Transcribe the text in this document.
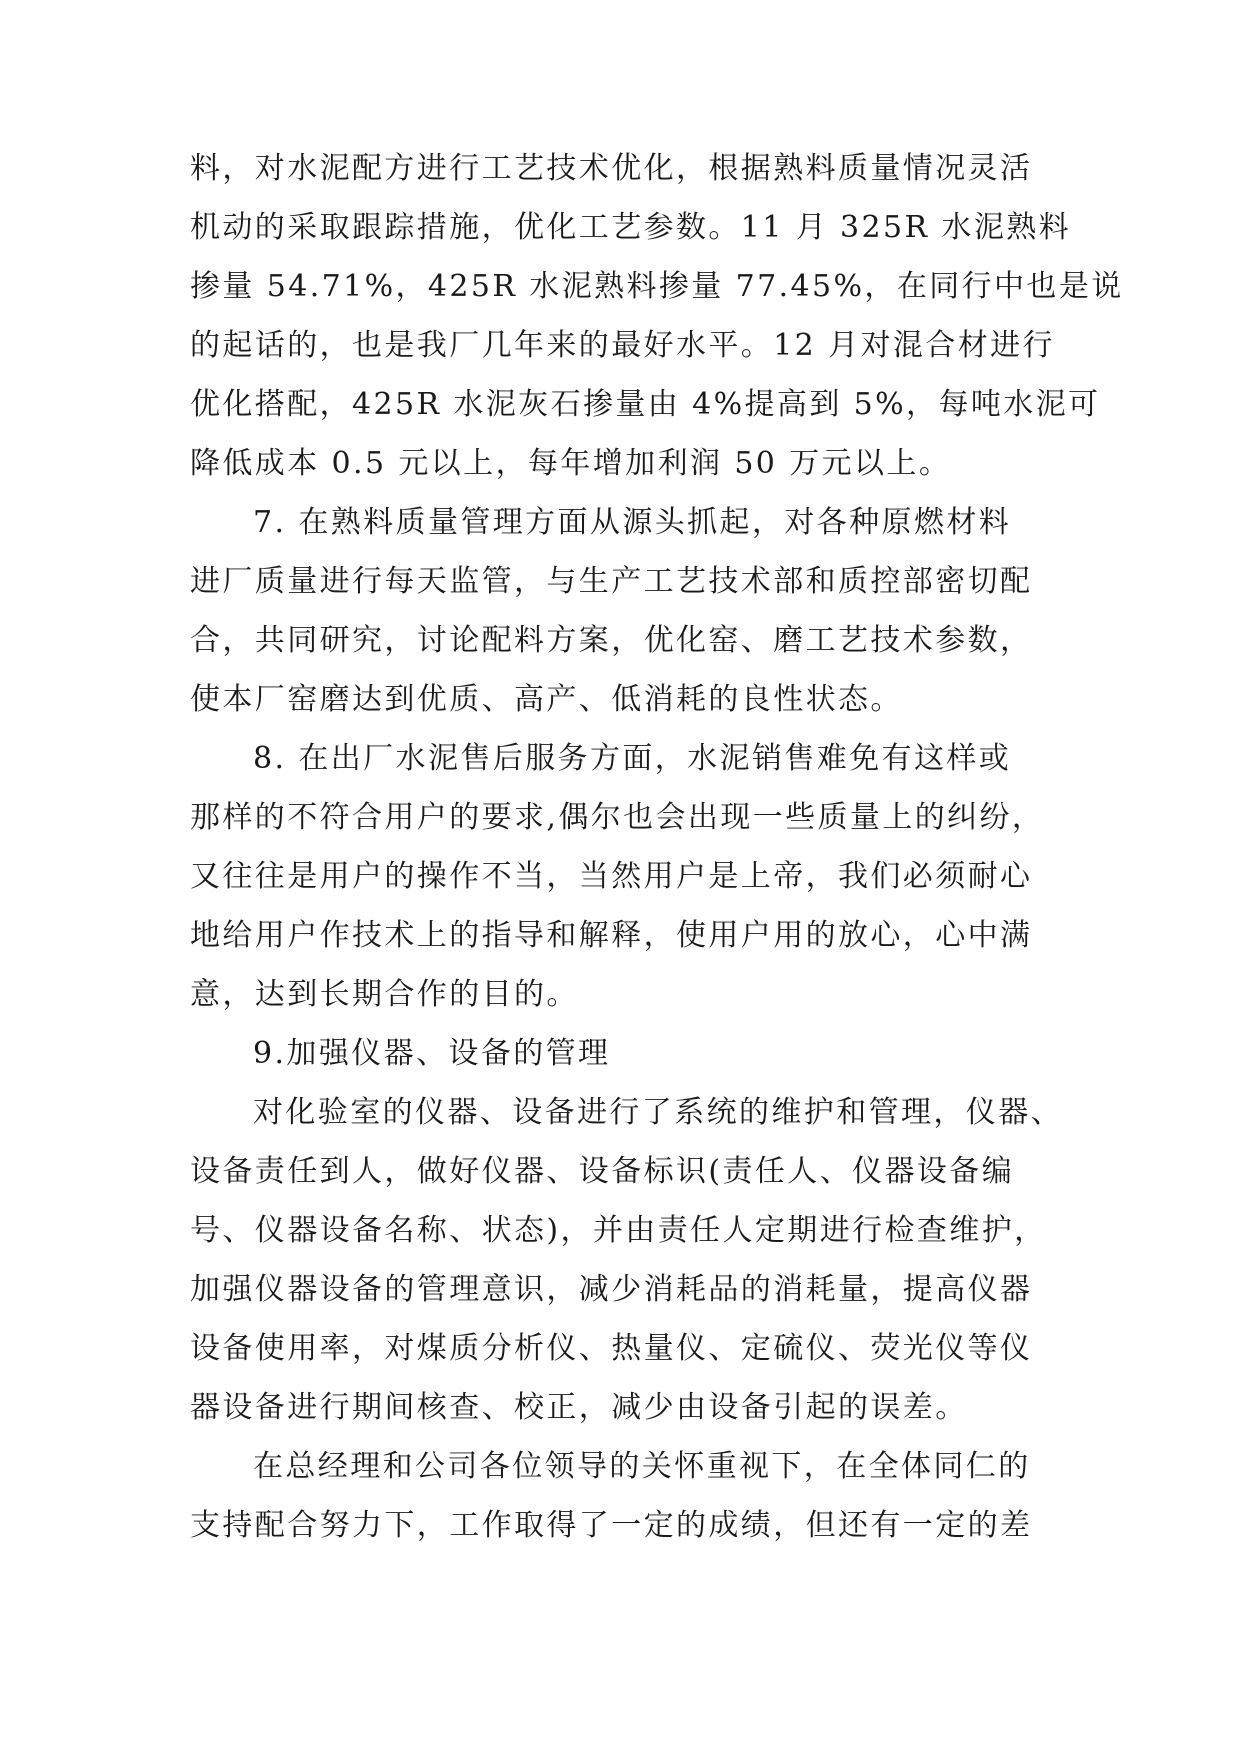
料，对水泥配方进行工艺技术优化，根据熟料质量情况灵活
机动的采取跟踪措施，优化工艺参数。11 月 325R 水泥熟料
掺量 54.71%，425R 水泥熟料掺量 77.45%，在同行中也是说
的起话的，也是我厂几年来的最好水平。12 月对混合材进行
优化搭配，425R 水泥灰石掺量由 4%提高到 5%，每吨水泥可
降低成本 0.5 元以上，每年增加利润 50 万元以上。
7. 在熟料质量管理方面从源头抓起，对各种原燃材料
进厂质量进行每天监管，与生产工艺技术部和质控部密切配
合，共同研究，讨论配料方案，优化窑、磨工艺技术参数，
使本厂窑磨达到优质、高产、低消耗的良性状态。
8. 在出厂水泥售后服务方面，水泥销售难免有这样或
那样的不符合用户的要求,偶尔也会出现一些质量上的纠纷，
又往往是用户的操作不当，当然用户是上帝，我们必须耐心
地给用户作技术上的指导和解释，使用户用的放心，心中满
意，达到长期合作的目的。
9.加强仪器、设备的管理
对化验室的仪器、设备进行了系统的维护和管理，仪器、
设备责任到人，做好仪器、设备标识(责任人、仪器设备编
号、仪器设备名称、状态)，并由责任人定期进行检查维护，
加强仪器设备的管理意识，减少消耗品的消耗量，提高仪器
设备使用率，对煤质分析仪、热量仪、定硫仪、荧光仪等仪
器设备进行期间核查、校正，减少由设备引起的误差。
在总经理和公司各位领导的关怀重视下，在全体同仁的
支持配合努力下，工作取得了一定的成绩，但还有一定的差
